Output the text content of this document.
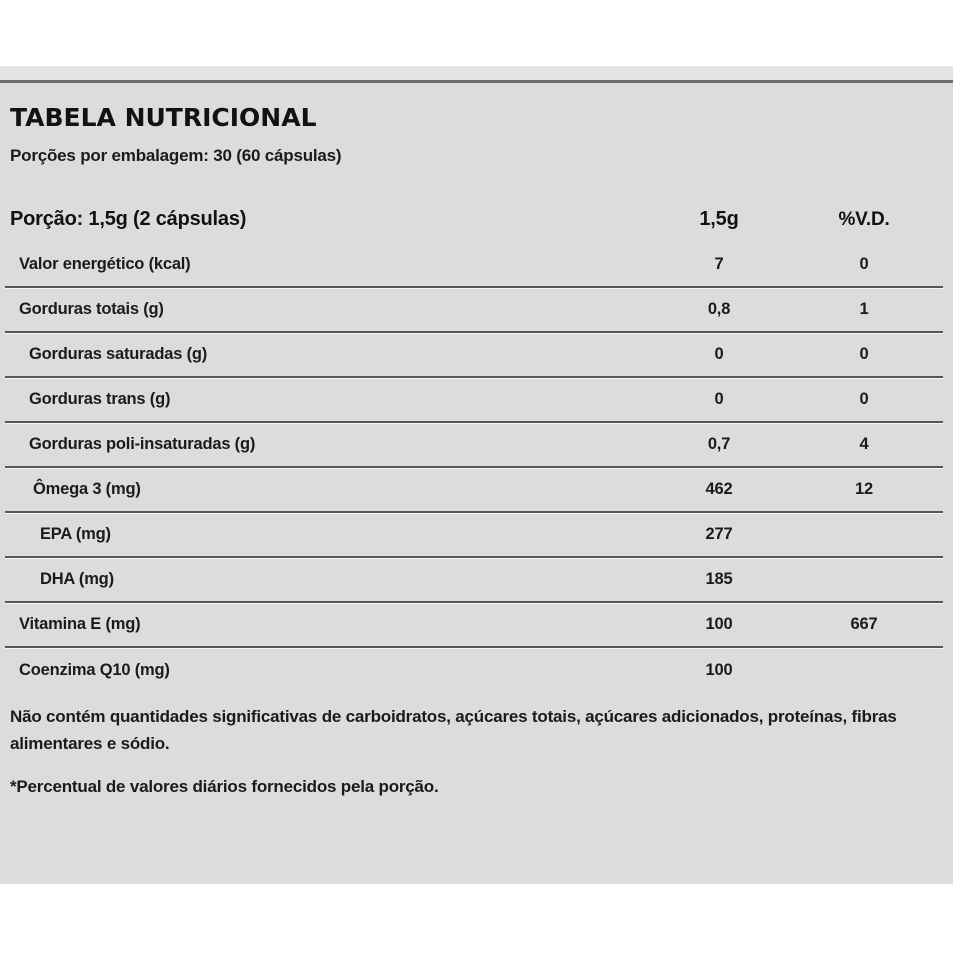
TABELA NUTRICIONAL
Porções por embalagem: 30 (60 cápsulas)
Porção: 1,5g (2 cápsulas)	1,5g	%V.D.
Valor energético (kcal)	7	0
Gorduras totais (g)	0,8	1
Gorduras saturadas (g)	0	0
Gorduras trans (g)	0	0
Gorduras poli-insaturadas (g)	0,7	4
Ômega 3 (mg)	462	12
EPA (mg)	277
DHA (mg)	185
Vitamina E (mg)	100	667
Coenzima Q10 (mg)	100
Não contém quantidades significativas de carboidratos, açúcares totais, açúcares adicionados, proteínas, fibras alimentares e sódio.
*Percentual de valores diários fornecidos pela porção.
